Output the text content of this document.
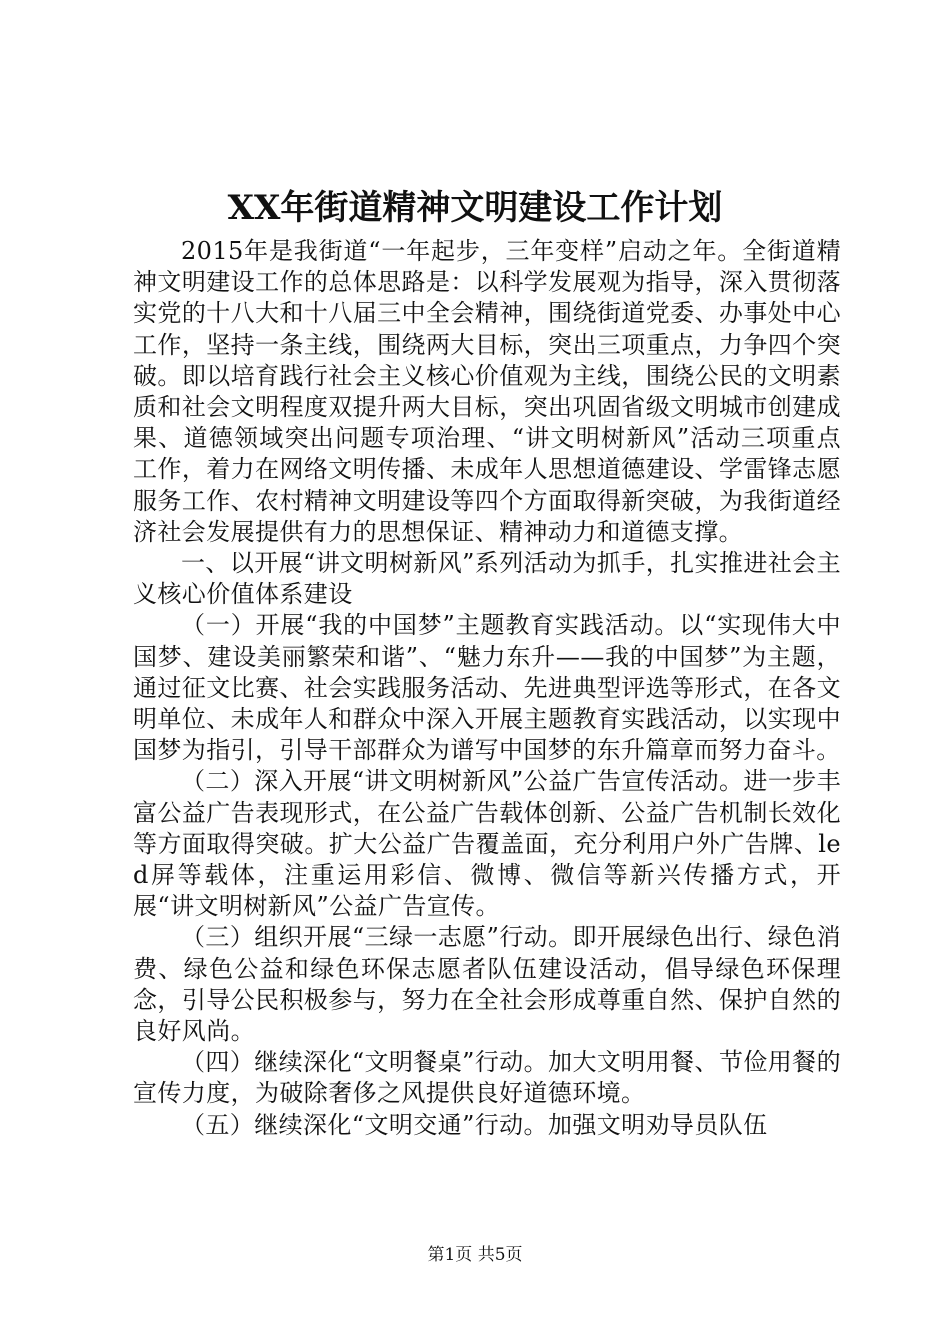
XX年街道精神文明建设工作计划

2015年是我街道“一年起步，三年变样”启动之年。全街道精神文明建设工作的总体思路是：以科学发展观为指导，深入贯彻落实党的十八大和十八届三中全会精神，围绕街道党委、办事处中心工作，坚持一条主线，围绕两大目标，突出三项重点，力争四个突破。即以培育践行社会主义核心价值观为主线，围绕公民的文明素质和社会文明程度双提升两大目标，突出巩固省级文明城市创建成果、道德领域突出问题专项治理、“讲文明树新风”活动三项重点工作，着力在网络文明传播、未成年人思想道德建设、学雷锋志愿服务工作、农村精神文明建设等四个方面取得新突破，为我街道经济社会发展提供有力的思想保证、精神动力和道德支撑。

一、以开展“讲文明树新风”系列活动为抓手，扎实推进社会主义核心价值体系建设

（一）开展“我的中国梦”主题教育实践活动。以“实现伟大中国梦、建设美丽繁荣和谐”、“魅力东升——我的中国梦”为主题，通过征文比赛、社会实践服务活动、先进典型评选等形式，在各文明单位、未成年人和群众中深入开展主题教育实践活动，以实现中国梦为指引，引导干部群众为谱写中国梦的东升篇章而努力奋斗。

（二）深入开展“讲文明树新风”公益广告宣传活动。进一步丰富公益广告表现形式，在公益广告载体创新、公益广告机制长效化等方面取得突破。扩大公益广告覆盖面，充分利用户外广告牌、led屏等载体，注重运用彩信、微博、微信等新兴传播方式，开展“讲文明树新风”公益广告宣传。

（三）组织开展“三绿一志愿”行动。即开展绿色出行、绿色消费、绿色公益和绿色环保志愿者队伍建设活动，倡导绿色环保理念，引导公民积极参与，努力在全社会形成尊重自然、保护自然的良好风尚。

（四）继续深化“文明餐桌”行动。加大文明用餐、节俭用餐的宣传力度，为破除奢侈之风提供良好道德环境。

（五）继续深化“文明交通”行动。加强文明劝导员队伍

第1页 共5页
